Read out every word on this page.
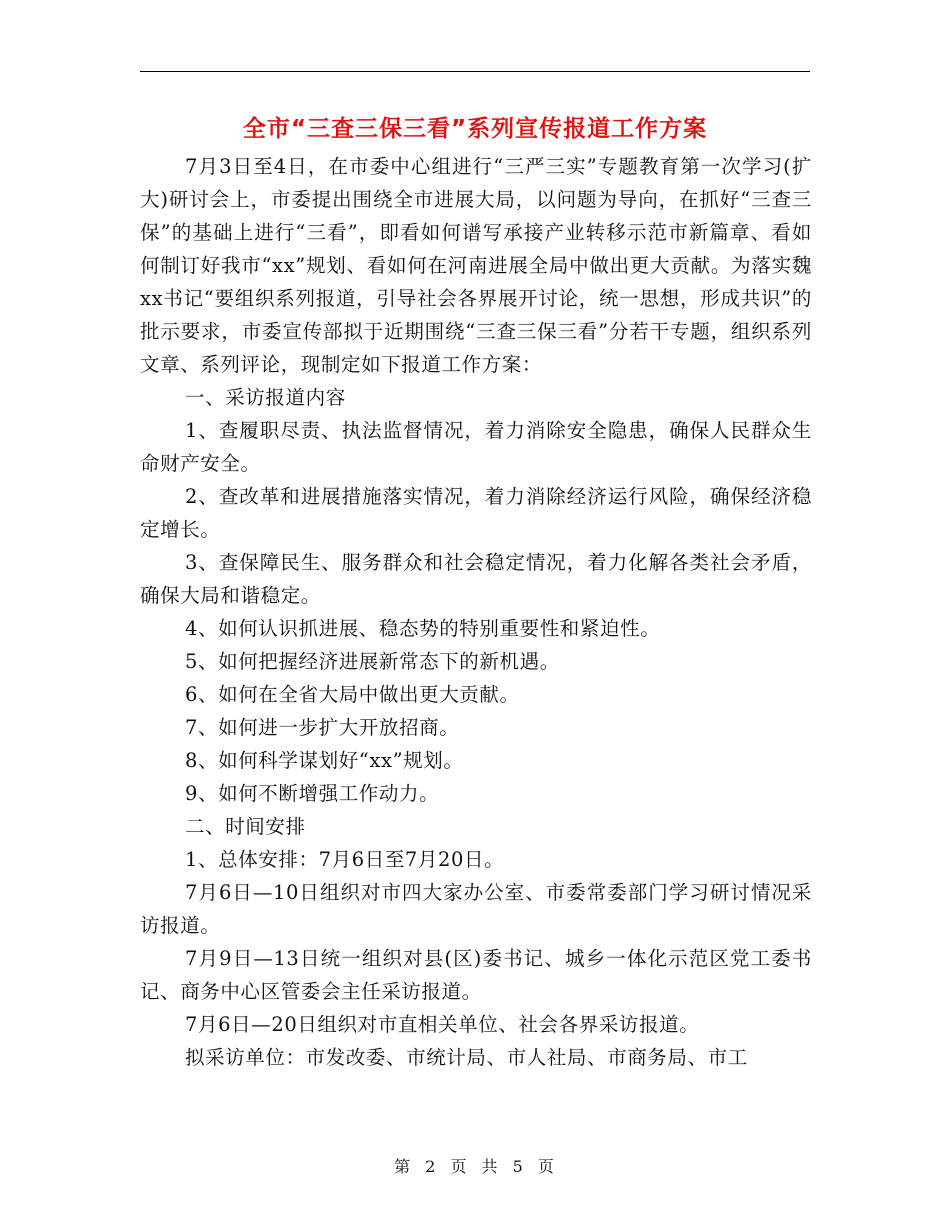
全市“三查三保三看”系列宣传报道工作方案

7月3日至4日，在市委中心组进行“三严三实”专题教育第一次学习(扩大)研讨会上，市委提出围绕全市进展大局，以问题为导向，在抓好“三查三保”的基础上进行“三看”，即看如何谱写承接产业转移示范市新篇章、看如何制订好我市“xx”规划、看如何在河南进展全局中做出更大贡献。为落实魏xx书记“要组织系列报道，引导社会各界展开讨论，统一思想，形成共识”的批示要求，市委宣传部拟于近期围绕“三查三保三看”分若干专题，组织系列文章、系列评论，现制定如下报道工作方案：

一、采访报道内容

1、查履职尽责、执法监督情况，着力消除安全隐患，确保人民群众生命财产安全。

2、查改革和进展措施落实情况，着力消除经济运行风险，确保经济稳定增长。

3、查保障民生、服务群众和社会稳定情况，着力化解各类社会矛盾，确保大局和谐稳定。

4、如何认识抓进展、稳态势的特别重要性和紧迫性。

5、如何把握经济进展新常态下的新机遇。

6、如何在全省大局中做出更大贡献。

7、如何进一步扩大开放招商。

8、如何科学谋划好“xx”规划。

9、如何不断增强工作动力。

二、时间安排

1、总体安排：7月6日至7月20日。

7月6日—10日组织对市四大家办公室、市委常委部门学习研讨情况采访报道。

7月9日—13日统一组织对县(区)委书记、城乡一体化示范区党工委书记、商务中心区管委会主任采访报道。

7月6日—20日组织对市直相关单位、社会各界采访报道。

拟采访单位：市发改委、市统计局、市人社局、市商务局、市工

第 2 页 共 5 页
